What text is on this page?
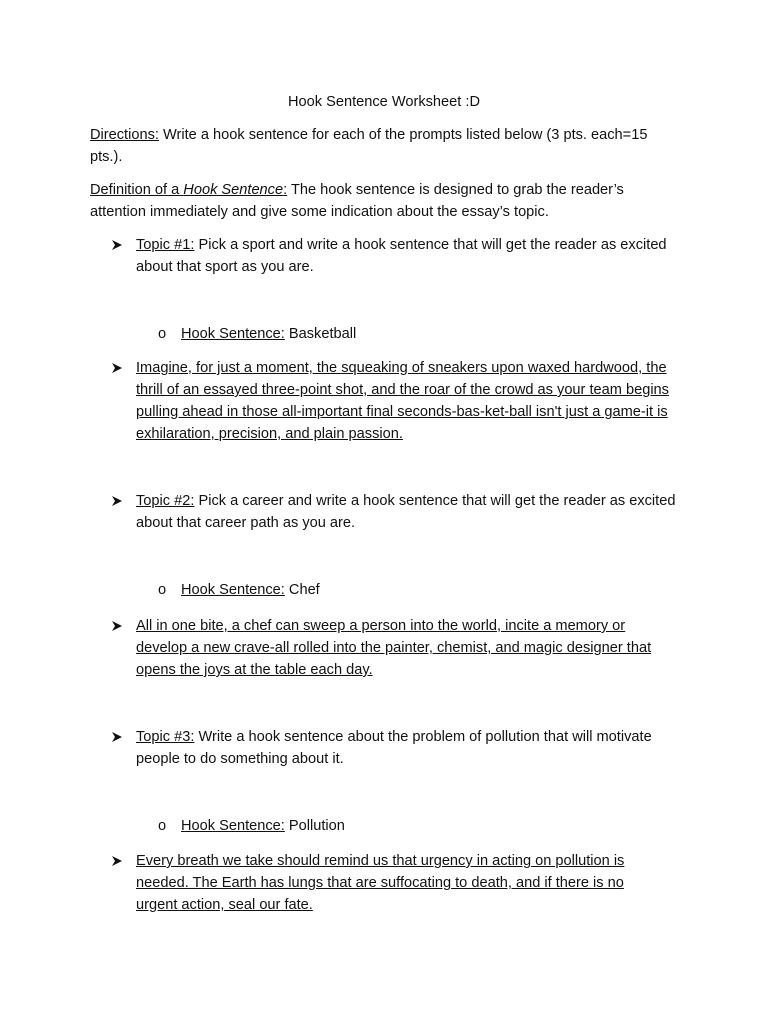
Hook Sentence Worksheet :D
Directions: Write a hook sentence for each of the prompts listed below (3 pts. each=15 pts.).
Definition of a Hook Sentence: The hook sentence is designed to grab the reader’s attention immediately and give some indication about the essay’s topic.
Topic #1: Pick a sport and write a hook sentence that will get the reader as excited about that sport as you are.
o Hook Sentence: Basketball
Imagine, for just a moment, the squeaking of sneakers upon waxed hardwood, the thrill of an essayed three-point shot, and the roar of the crowd as your team begins pulling ahead in those all-important final seconds-bas-ket-ball isn't just a game-it is exhilaration, precision, and plain passion.
Topic #2: Pick a career and write a hook sentence that will get the reader as excited about that career path as you are.
o Hook Sentence: Chef
All in one bite, a chef can sweep a person into the world, incite a memory or develop a new crave-all rolled into the painter, chemist, and magic designer that opens the joys at the table each day.
Topic #3: Write a hook sentence about the problem of pollution that will motivate people to do something about it.
o Hook Sentence: Pollution
Every breath we take should remind us that urgency in acting on pollution is needed. The Earth has lungs that are suffocating to death, and if there is no urgent action, seal our fate.
